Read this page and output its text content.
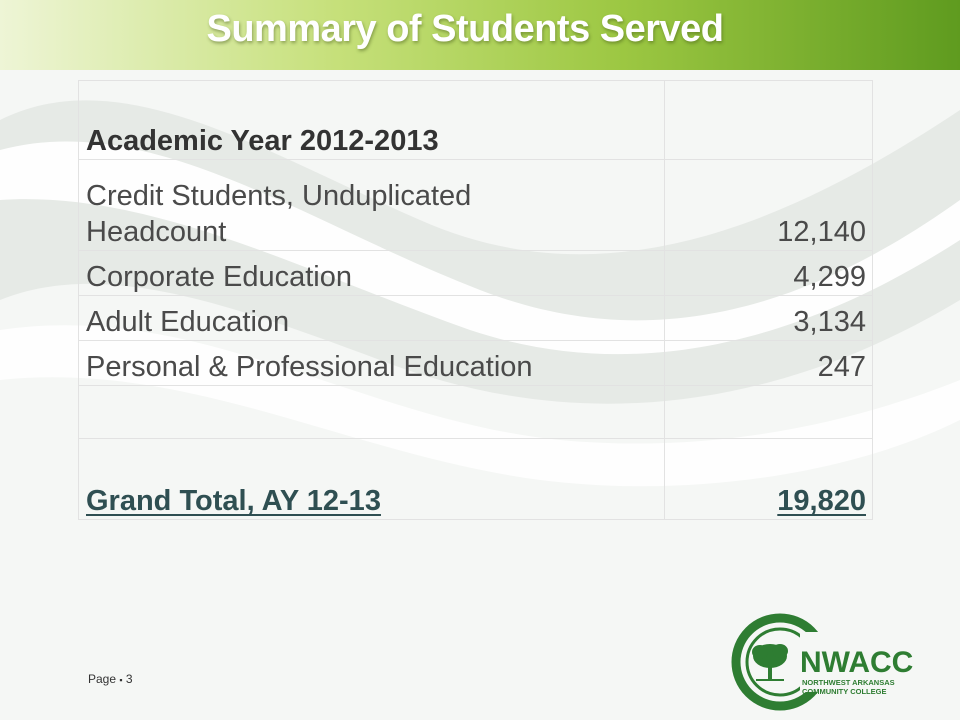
Summary of Students Served
Academic Year 2012-2013	

Credit Students, Unduplicated
Headcount	12,140
Corporate Education	4,299
Adult Education	3,134
Personal & Professional Education	247

Grand Total, AY 12-13	19,820
Page ▪ 3	NWACC
NORTHWEST ARKANSAS
COMMUNITY COLLEGE
